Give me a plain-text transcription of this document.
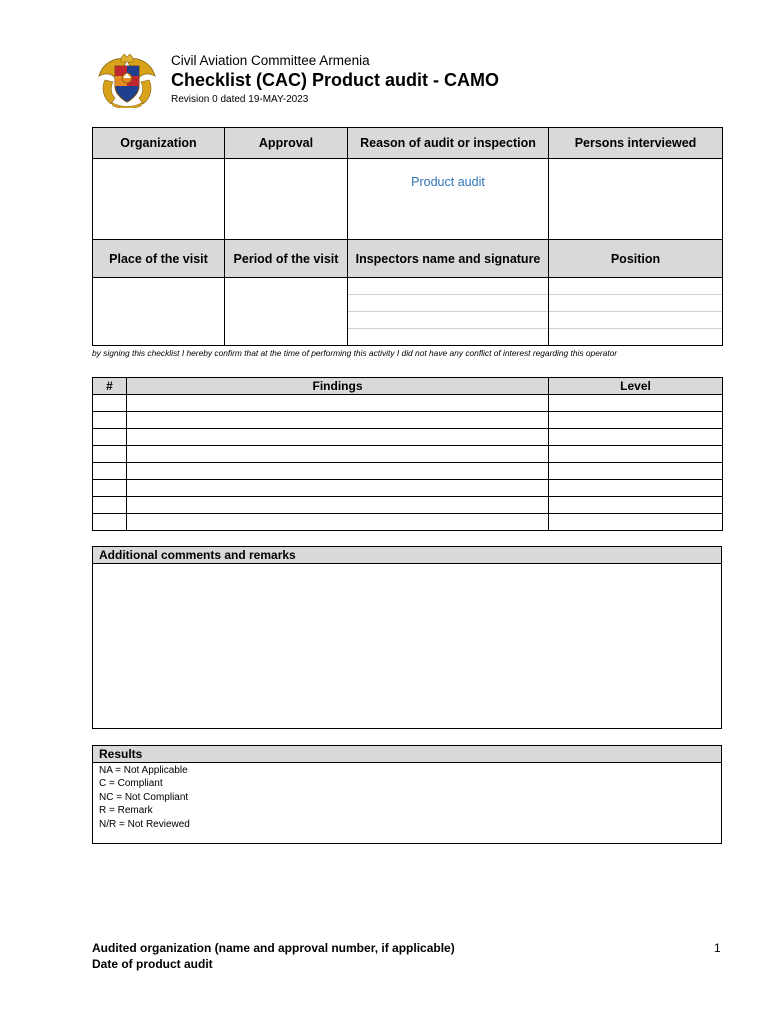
Civil Aviation Committee Armenia
Checklist (CAC) Product audit - CAMO
Revision 0 dated 19-MAY-2023
Organization	Approval	Reason of audit or inspection	Persons interviewed
		Product audit	
Place of the visit	Period of the visit	Inspectors name and signature	Position

by signing this checklist I hereby confirm that at the time of performing this activity I did not have any conflict of interest regarding this operator
#	Findings	Level

Additional comments and remarks
Results
NA = Not Applicable
C = Compliant
NC = Not Compliant
R = Remark
N/R = Not Reviewed
Audited organization (name and approval number, if applicable)
Date of product audit
1
